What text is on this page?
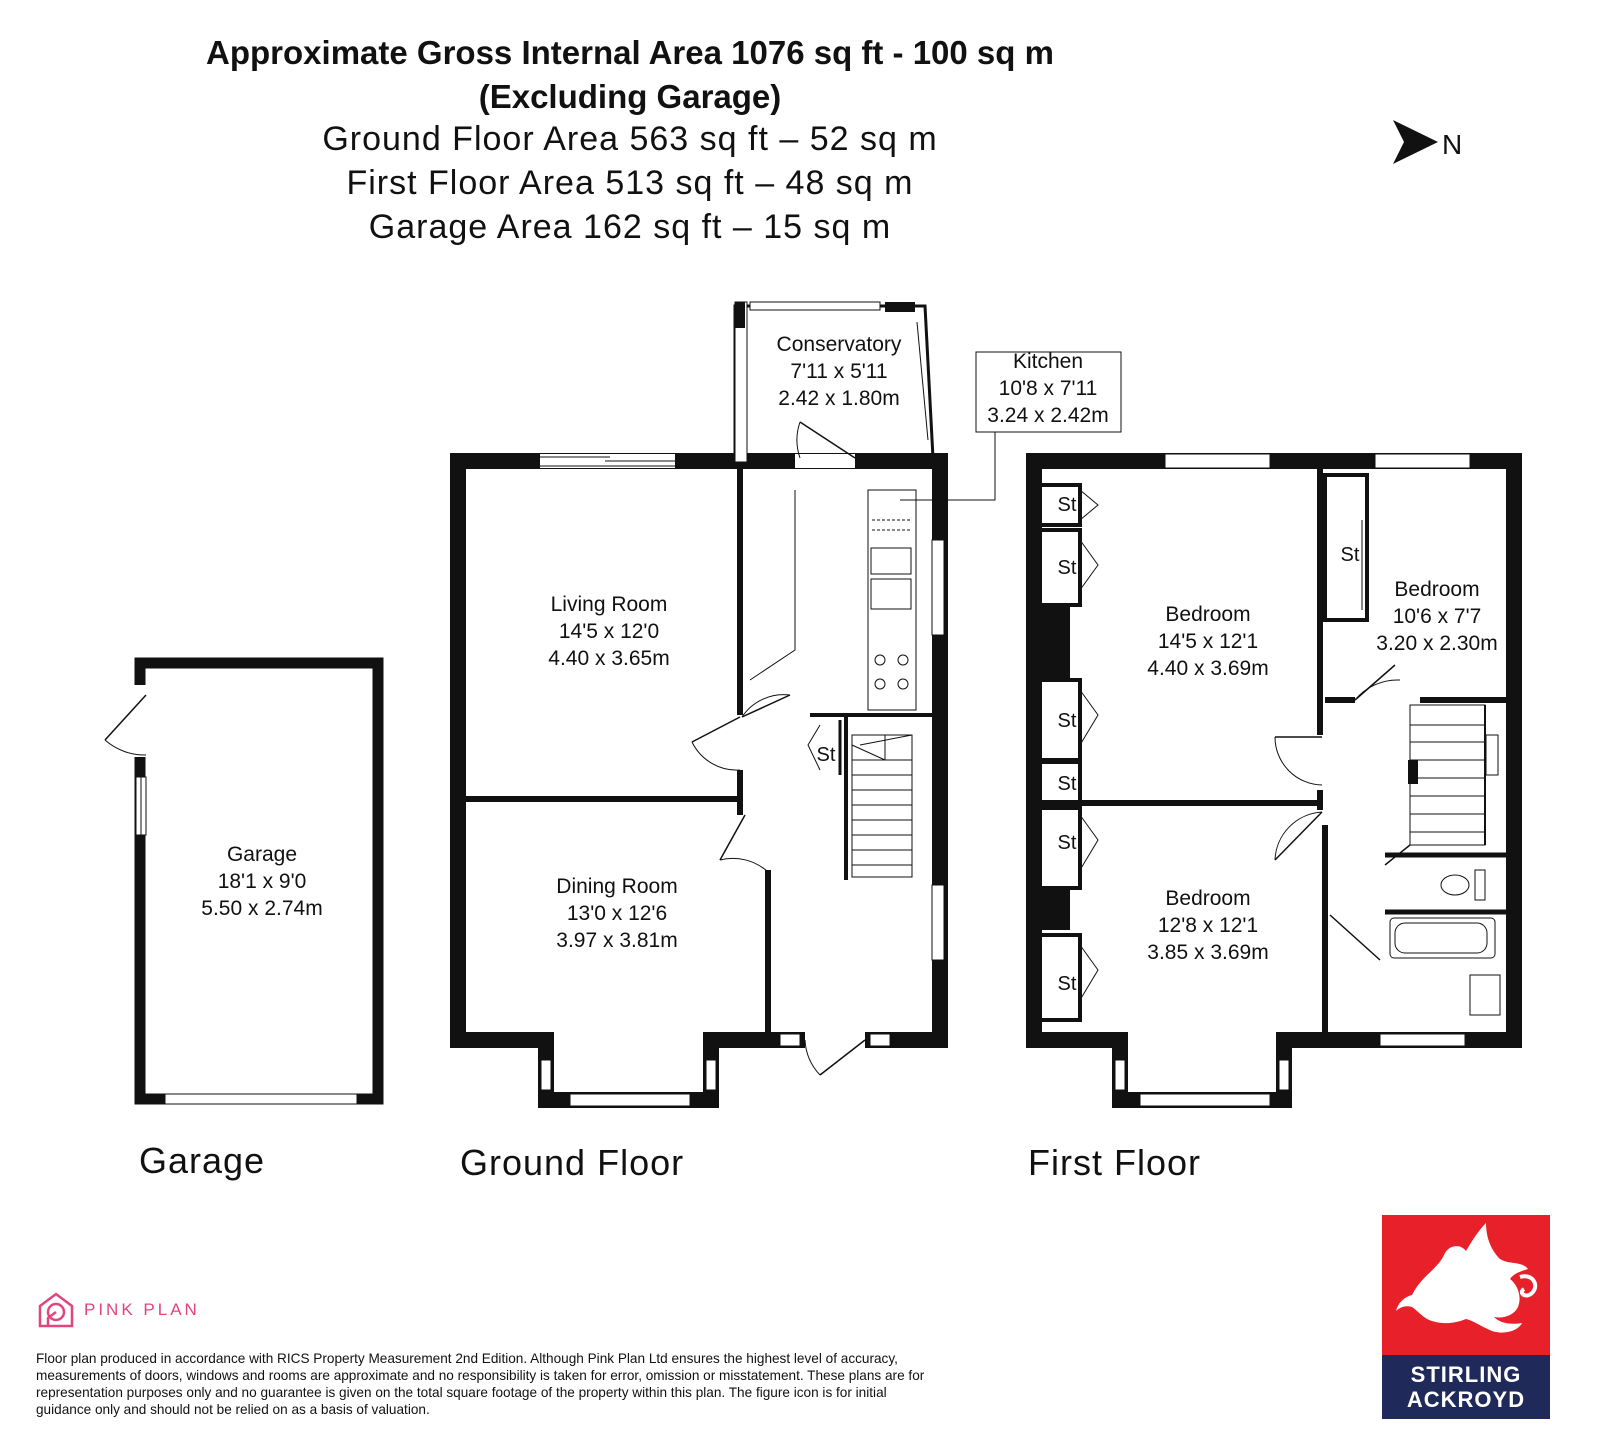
Approximate Gross Internal Area 1076 sq ft - 100 sq m
(Excluding Garage)
Ground Floor Area 563 sq ft – 52 sq m
First Floor Area 513 sq ft – 48 sq m
Garage Area 162 sq ft – 15 sq m
N
Conservatory
7'11 x 5'11
2.42 x 1.80m
Kitchen
10'8 x 7'11
3.24 x 2.42m
Living Room
14'5 x 12'0
4.40 x 3.65m
Dining Room
13'0 x 12'6
3.97 x 3.81m
Garage
18'1 x 9'0
5.50 x 2.74m
Bedroom
14'5 x 12'1
4.40 x 3.69m
Bedroom
10'6 x 7'7
3.20 x 2.30m
Bedroom
12'8 x 12'1
3.85 x 3.69m
St
St
St
St
St
St
St
St
Garage	Ground Floor	First Floor
PINK PLAN
Floor plan produced in accordance with RICS Property Measurement 2nd Edition. Although Pink Plan Ltd ensures the highest level of accuracy, measurements of doors, windows and rooms are approximate and no responsibility is taken for error, omission or misstatement. These plans are for representation purposes only and no guarantee is given on the total square footage of the property within this plan. The figure icon is for initial guidance only and should not be relied on as a basis of valuation.
STIRLING
ACKROYD
